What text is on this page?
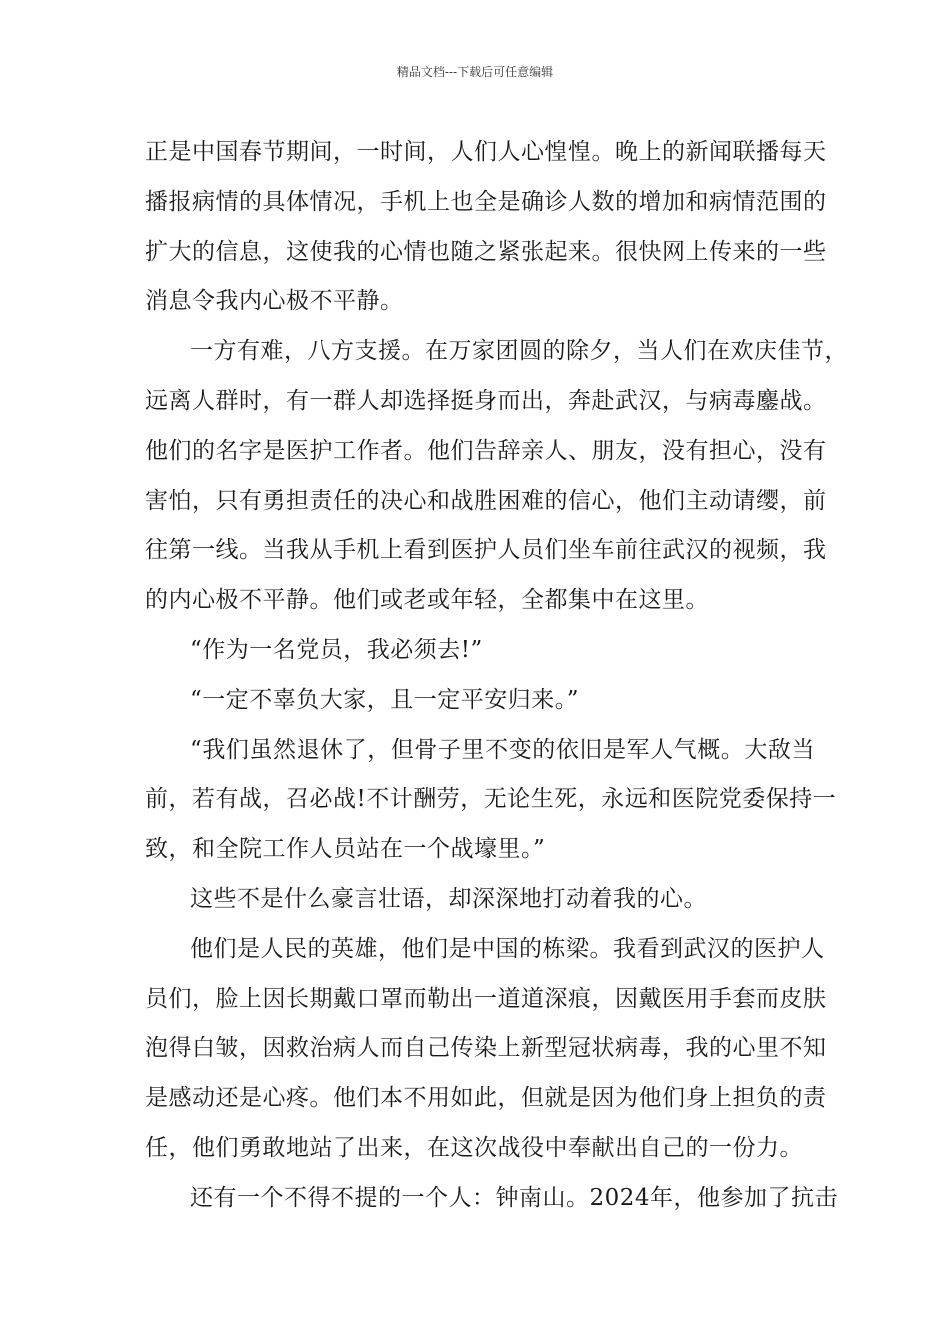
精品文档---下载后可任意编辑
正是中国春节期间，一时间，人们人心惶惶。晚上的新闻联播每天
播报病情的具体情况，手机上也全是确诊人数的增加和病情范围的
扩大的信息，这使我的心情也随之紧张起来。很快网上传来的一些
消息令我内心极不平静。
一方有难，八方支援。在万家团圆的除夕，当人们在欢庆佳节，
远离人群时，有一群人却选择挺身而出，奔赴武汉，与病毒鏖战。
他们的名字是医护工作者。他们告辞亲人、朋友，没有担心，没有
害怕，只有勇担责任的决心和战胜困难的信心，他们主动请缨，前
往第一线。当我从手机上看到医护人员们坐车前往武汉的视频，我
的内心极不平静。他们或老或年轻，全都集中在这里。
“作为一名党员，我必须去!”
“一定不辜负大家，且一定平安归来。”
“我们虽然退休了，但骨子里不变的依旧是军人气概。大敌当
前，若有战，召必战!不计酬劳，无论生死，永远和医院党委保持一
致，和全院工作人员站在一个战壕里。”
这些不是什么豪言壮语，却深深地打动着我的心。
他们是人民的英雄，他们是中国的栋梁。我看到武汉的医护人
员们，脸上因长期戴口罩而勒出一道道深痕，因戴医用手套而皮肤
泡得白皱，因救治病人而自己传染上新型冠状病毒，我的心里不知
是感动还是心疼。他们本不用如此，但就是因为他们身上担负的责
任，他们勇敢地站了出来，在这次战役中奉献出自己的一份力。
还有一个不得不提的一个人：钟南山。2024年，他参加了抗击
